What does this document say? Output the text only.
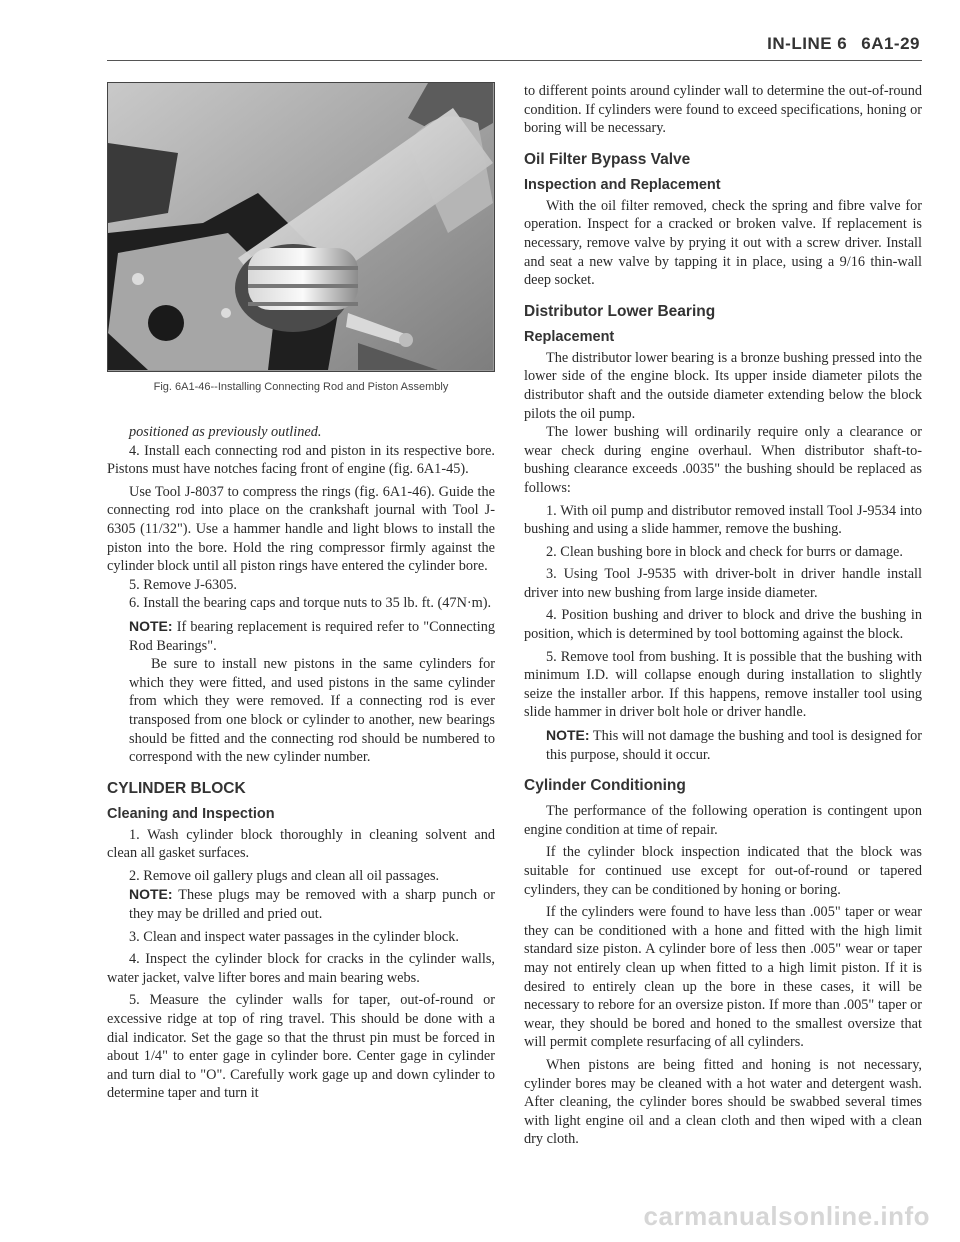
IN-LINE 6 6A1-29
Fig. 6A1-46--Installing Connecting Rod and Piston Assembly

positioned as previously outlined.

4. Install each connecting rod and piston in its respective bore. Pistons must have notches facing front of engine (fig. 6A1-45).

Use Tool J-8037 to compress the rings (fig. 6A1-46). Guide the connecting rod into place on the crankshaft journal with Tool J-6305 (11/32"). Use a hammer handle and light blows to install the piston into the bore. Hold the ring compressor firmly against the cylinder block until all piston rings have entered the cylinder bore.

5. Remove J-6305.

6. Install the bearing caps and torque nuts to 35 lb. ft. (47N·m).

NOTE: If bearing replacement is required refer to "Connecting Rod Bearings".

Be sure to install new pistons in the same cylinders for which they were fitted, and used pistons in the same cylinder from which they were removed. If a connecting rod is ever transposed from one block or cylinder to another, new bearings should be fitted and the connecting rod should be numbered to correspond with the new cylinder number.

CYLINDER BLOCK
Cleaning and Inspection

1. Wash cylinder block thoroughly in cleaning solvent and clean all gasket surfaces.

2. Remove oil gallery plugs and clean all oil passages.

NOTE: These plugs may be removed with a sharp punch or they may be drilled and pried out.

3. Clean and inspect water passages in the cylinder block.

4. Inspect the cylinder block for cracks in the cylinder walls, water jacket, valve lifter bores and main bearing webs.

5. Measure the cylinder walls for taper, out-of-round or excessive ridge at top of ring travel. This should be done with a dial indicator. Set the gage so that the thrust pin must be forced in about 1/4" to enter gage in cylinder bore. Center gage in cylinder and turn dial to "O". Carefully work gage up and down cylinder to determine taper and turn it

to different points around cylinder wall to determine the out-of-round condition. If cylinders were found to exceed specifications, honing or boring will be necessary.

Oil Filter Bypass Valve
Inspection and Replacement

With the oil filter removed, check the spring and fibre valve for operation. Inspect for a cracked or broken valve. If replacement is necessary, remove valve by prying it out with a screw driver. Install and seat a new valve by tapping it in place, using a 9/16 thin-wall deep socket.

Distributor Lower Bearing
Replacement

The distributor lower bearing is a bronze bushing pressed into the lower side of the engine block. Its upper inside diameter pilots the distributor shaft and the outside diameter extending below the block pilots the oil pump.

The lower bushing will ordinarily require only a clearance or wear check during engine overhaul. When distributor shaft-to-bushing clearance exceeds .0035" the bushing should be replaced as follows:

1. With oil pump and distributor removed install Tool J-9534 into bushing and using a slide hammer, remove the bushing.

2. Clean bushing bore in block and check for burrs or damage.

3. Using Tool J-9535 with driver-bolt in driver handle install driver into new bushing from large inside diameter.

4. Position bushing and driver to block and drive the bushing in position, which is determined by tool bottoming against the block.

5. Remove tool from bushing. It is possible that the bushing with minimum I.D. will collapse enough during installation to slightly seize the installer arbor. If this happens, remove installer tool using slide hammer in driver bolt hole or driver handle.

NOTE: This will not damage the bushing and tool is designed for this purpose, should it occur.

Cylinder Conditioning

The performance of the following operation is contingent upon engine condition at time of repair.

If the cylinder block inspection indicated that the block was suitable for continued use except for out-of-round or tapered cylinders, they can be conditioned by honing or boring.

If the cylinders were found to have less than .005" taper or wear they can be conditioned with a hone and fitted with the high limit standard size piston. A cylinder bore of less then .005" wear or taper may not entirely clean up when fitted to a high limit piston. If it is desired to entirely clean up the bore in these cases, it will be necessary to rebore for an oversize piston. If more than .005" taper or wear, they should be bored and honed to the smallest oversize that will permit complete resurfacing of all cylinders.

When pistons are being fitted and honing is not necessary, cylinder bores may be cleaned with a hot water and detergent wash. After cleaning, the cylinder bores should be swabbed several times with light engine oil and a clean cloth and then wiped with a clean dry cloth.

carmanualsonline.info
